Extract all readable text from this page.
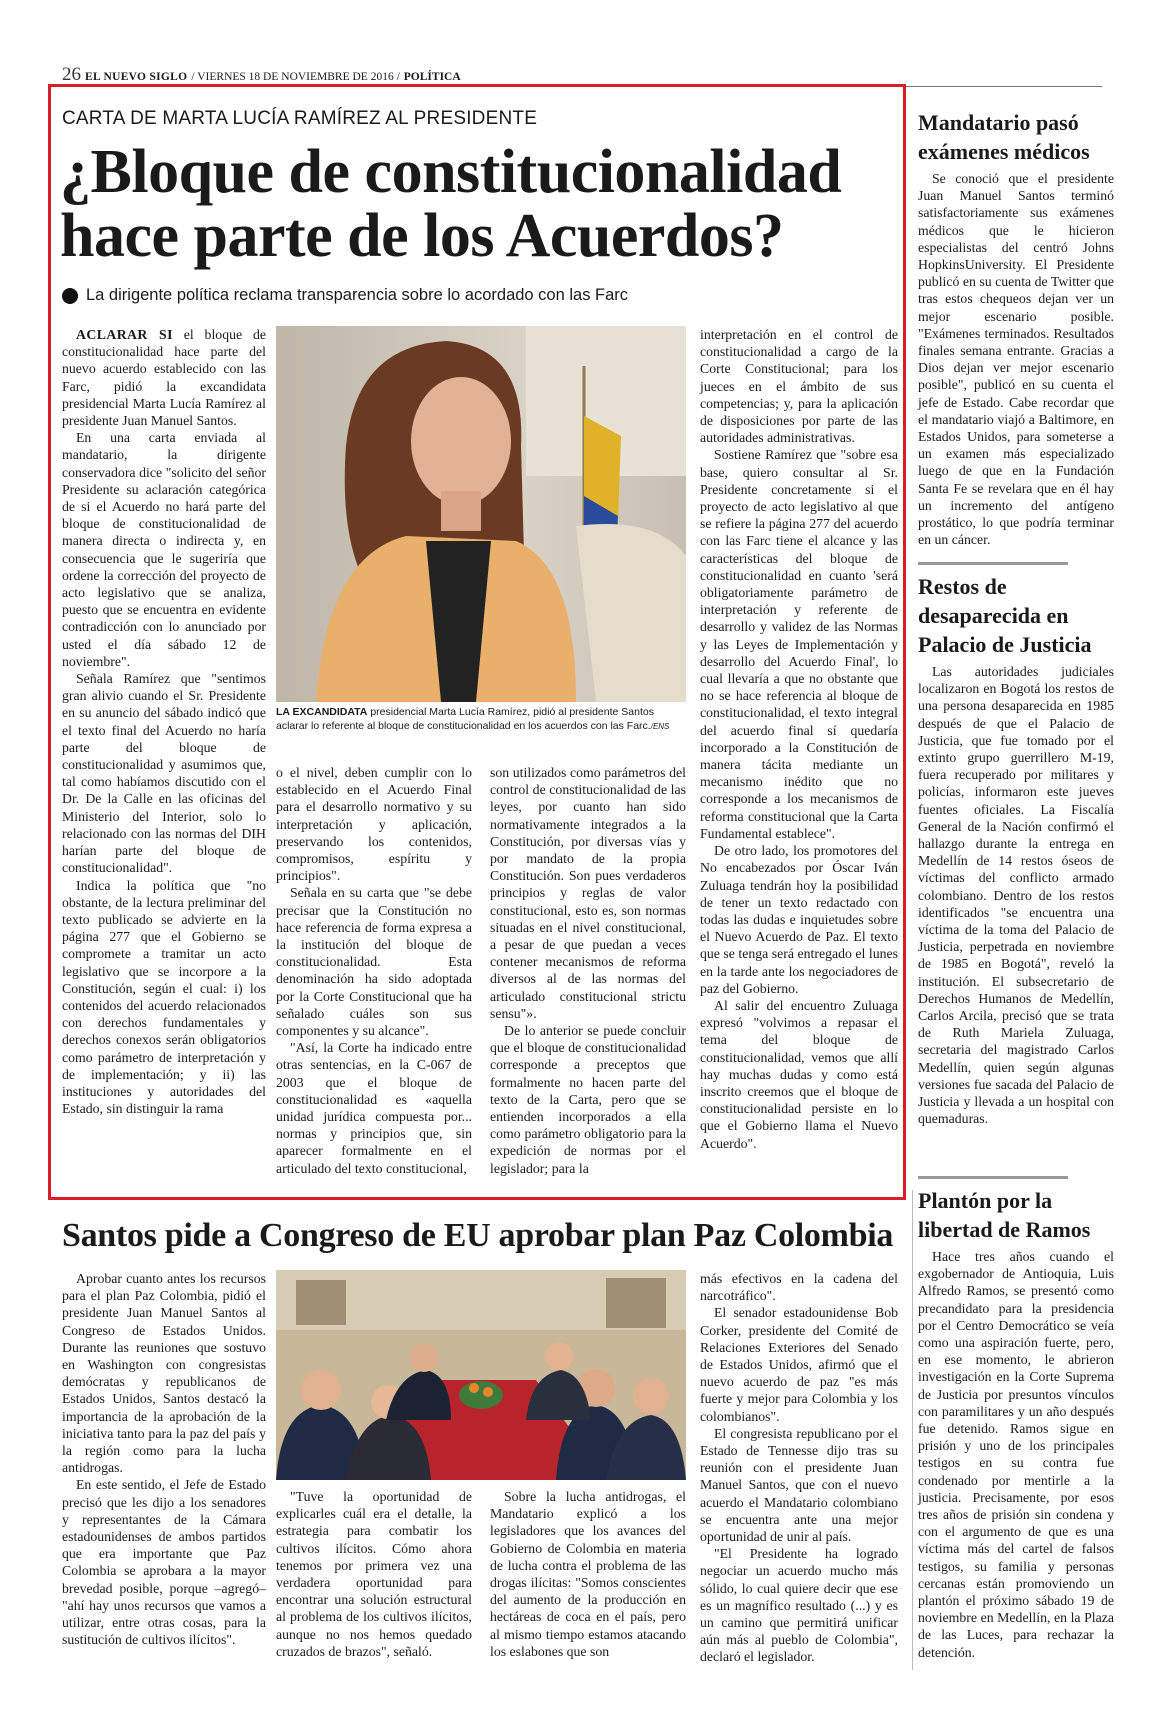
26 EL NUEVO SIGLO / VIERNES 18 DE NOVIEMBRE DE 2016 / POLÍTICA
CARTA DE MARTA LUCÍA RAMÍREZ AL PRESIDENTE
¿Bloque de constitucionalidad
hace parte de los Acuerdos?
La dirigente política reclama transparencia sobre lo acordado con las Farc

ACLARAR SI el bloque de constitucionalidad hace parte del nuevo acuerdo establecido con las Farc, pidió la excandidata presidencial Marta Lucía Ramírez al presidente Juan Manuel Santos.

En una carta enviada al mandatario, la dirigente conservadora dice "solicito del señor Presidente su aclaración categórica de si el Acuerdo no hará parte del bloque de constitucionalidad de manera directa o indirecta y, en consecuencia que le sugeriría que ordene la corrección del proyecto de acto legislativo que se analiza, puesto que se encuentra en evidente contradicción con lo anunciado por usted el día sábado 12 de noviembre".

Señala Ramírez que "sentimos gran alivio cuando el Sr. Presidente en su anuncio del sábado indicó que el texto final del Acuerdo no haría parte del bloque de constitucionalidad y asumimos que, tal como habíamos discutido con el Dr. De la Calle en las oficinas del Ministerio del Interior, solo lo relacionado con las normas del DIH harían parte del bloque de constitucionalidad".

Indica la política que "no obstante, de la lectura preliminar del texto publicado se advierte en la página 277 que el Gobierno se compromete a tramitar un acto legislativo que se incorpore a la Constitución, según el cual: i) los contenidos del acuerdo relacionados con derechos fundamentales y derechos conexos serán obligatorios como parámetro de interpretación y de implementación; y ii) las instituciones y autoridades del Estado, sin distinguir la rama

LA EXCANDIDATA presidencial Marta Lucía Ramírez, pidió al presidente Santos aclarar lo referente al bloque de constitucionalidad en los acuerdos con las Farc./ENS

o el nivel, deben cumplir con lo establecido en el Acuerdo Final para el desarrollo normativo y su interpretación y aplicación, preservando los contenidos, compromisos, espíritu y principios".

Señala en su carta que "se debe precisar que la Constitución no hace referencia de forma expresa a la institución del bloque de constitucionalidad. Esta denominación ha sido adoptada por la Corte Constitucional que ha señalado cuáles son sus componentes y su alcance".

"Así, la Corte ha indicado entre otras sentencias, en la C-067 de 2003 que el bloque de constitucionalidad es «aquella unidad jurídica compuesta por... normas y principios que, sin aparecer formalmente en el articulado del texto constitucional,

son utilizados como parámetros del control de constitucionalidad de las leyes, por cuanto han sido normativamente integrados a la Constitución, por diversas vías y por mandato de la propia Constitución. Son pues verdaderos principios y reglas de valor constitucional, esto es, son normas situadas en el nivel constitucional, a pesar de que puedan a veces contener mecanismos de reforma diversos al de las normas del articulado constitucional strictu sensu"».

De lo anterior se puede concluir que el bloque de constitucionalidad corresponde a preceptos que formalmente no hacen parte del texto de la Carta, pero que se entienden incorporados a ella como parámetro obligatorio para la expedición de normas por el legislador; para la

interpretación en el control de constitucionalidad a cargo de la Corte Constitucional; para los jueces en el ámbito de sus competencias; y, para la aplicación de disposiciones por parte de las autoridades administrativas.

Sostiene Ramírez que "sobre esa base, quiero consultar al Sr. Presidente concretamente si el proyecto de acto legislativo al que se refiere la página 277 del acuerdo con las Farc tiene el alcance y las características del bloque de constitucionalidad en cuanto 'será obligatoriamente parámetro de interpretación y referente de desarrollo y validez de las Normas y las Leyes de Implementación y desarrollo del Acuerdo Final', lo cual llevaría a que no obstante que no se hace referencia al bloque de constitucionalidad, el texto integral del acuerdo final sí quedaría incorporado a la Constitución de manera tácita mediante un mecanismo inédito que no corresponde a los mecanismos de reforma constitucional que la Carta Fundamental establece".

De otro lado, los promotores del No encabezados por Óscar Iván Zuluaga tendrán hoy la posibilidad de tener un texto redactado con todas las dudas e inquietudes sobre el Nuevo Acuerdo de Paz. El texto que se tenga será entregado el lunes en la tarde ante los negociadores de paz del Gobierno.

Al salir del encuentro Zuluaga expresó "volvimos a repasar el tema del bloque de constitucionalidad, vemos que allí hay muchas dudas y como está inscrito creemos que el bloque de constitucionalidad persiste en lo que el Gobierno llama el Nuevo Acuerdo".

Mandatario pasó exámenes médicos

Se conoció que el presidente Juan Manuel Santos terminó satisfactoriamente sus exámenes médicos que le hicieron especialistas del centró Johns HopkinsUniversity. El Presidente publicó en su cuenta de Twitter que tras estos chequeos dejan ver un mejor escenario posible. "Exámenes terminados. Resultados finales semana entrante. Gracias a Dios dejan ver mejor escenario posible", publicó en su cuenta el jefe de Estado. Cabe recordar que el mandatario viajó a Baltimore, en Estados Unidos, para someterse a un examen más especializado luego de que en la Fundación Santa Fe se revelara que en él hay un incremento del antígeno prostático, lo que podría terminar en un cáncer.

Restos de desaparecida en Palacio de Justicia

Las autoridades judiciales localizaron en Bogotá los restos de una persona desaparecida en 1985 después de que el Palacio de Justicia, que fue tomado por el extinto grupo guerrillero M-19, fuera recuperado por militares y policías, informaron este jueves fuentes oficiales. La Fiscalía General de la Nación confirmó el hallazgo durante la entrega en Medellín de 14 restos óseos de víctimas del conflicto armado colombiano. Dentro de los restos identificados "se encuentra una víctima de la toma del Palacio de Justicia, perpetrada en noviembre de 1985 en Bogotá", reveló la institución. El subsecretario de Derechos Humanos de Medellín, Carlos Arcila, precisó que se trata de Ruth Mariela Zuluaga, secretaria del magistrado Carlos Medellín, quien según algunas versiones fue sacada del Palacio de Justicia y llevada a un hospital con quemaduras.

Plantón por la libertad de Ramos

Hace tres años cuando el exgobernador de Antioquia, Luis Alfredo Ramos, se presentó como precandidato para la presidencia por el Centro Democrático se veía como una aspiración fuerte, pero, en ese momento, le abrieron investigación en la Corte Suprema de Justicia por presuntos vínculos con paramilitares y un año después fue detenido. Ramos sigue en prisión y uno de los principales testigos en su contra fue condenado por mentirle a la justicia. Precisamente, por esos tres años de prisión sin condena y con el argumento de que es una víctima más del cartel de falsos testigos, su familia y personas cercanas están promoviendo un plantón el próximo sábado 19 de noviembre en Medellín, en la Plaza de las Luces, para rechazar la detención.

Santos pide a Congreso de EU aprobar plan Paz Colombia

Aprobar cuanto antes los recursos para el plan Paz Colombia, pidió el presidente Juan Manuel Santos al Congreso de Estados Unidos. Durante las reuniones que sostuvo en Washington con congresistas demócratas y republicanos de Estados Unidos, Santos destacó la importancia de la aprobación de la iniciativa tanto para la paz del país y la región como para la lucha antidrogas.

En este sentido, el Jefe de Estado precisó que les dijo a los senadores y representantes de la Cámara estadounidenses de ambos partidos que era importante que Paz Colombia se aprobara a la mayor brevedad posible, porque –agregó– "ahí hay unos recursos que vamos a utilizar, entre otras cosas, para la sustitución de cultivos ilícitos".

"Tuve la oportunidad de explicarles cuál era el detalle, la estrategia para combatir los cultivos ilícitos. Cómo ahora tenemos por primera vez una verdadera oportunidad para encontrar una solución estructural al problema de los cultivos ilícitos, aunque no nos hemos quedado cruzados de brazos", señaló.

Sobre la lucha antidrogas, el Mandatario explicó a los legisladores que los avances del Gobierno de Colombia en materia de lucha contra el problema de las drogas ilícitas: "Somos conscientes del aumento de la producción en hectáreas de coca en el país, pero al mismo tiempo estamos atacando los eslabones que son

más efectivos en la cadena del narcotráfico".

El senador estadounidense Bob Corker, presidente del Comité de Relaciones Exteriores del Senado de Estados Unidos, afirmó que el nuevo acuerdo de paz "es más fuerte y mejor para Colombia y los colombianos".

El congresista republicano por el Estado de Tennesse dijo tras su reunión con el presidente Juan Manuel Santos, que con el nuevo acuerdo el Mandatario colombiano se encuentra ante una mejor oportunidad de unir al país.

"El Presidente ha logrado negociar un acuerdo mucho más sólido, lo cual quiere decir que ese es un magnífico resultado (...) y es un camino que permitirá unificar aún más al pueblo de Colombia", declaró el legislador.
